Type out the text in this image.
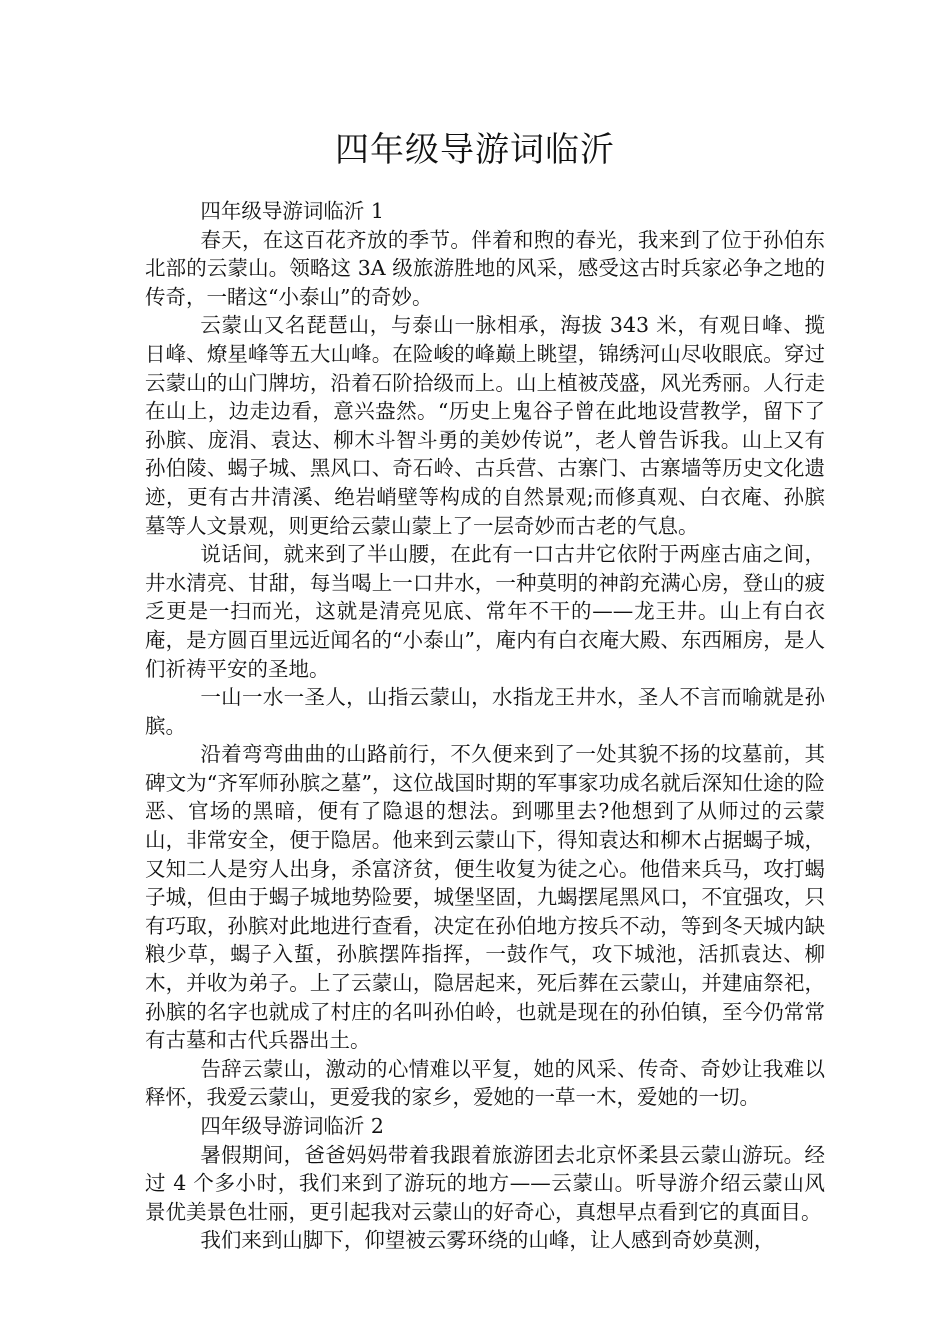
四年级导游词临沂

四年级导游词临沂 1

春天，在这百花齐放的季节。伴着和煦的春光，我来到了位于孙伯东北部的云蒙山。领略这 3A 级旅游胜地的风采，感受这古时兵家必争之地的传奇，一睹这“小泰山”的奇妙。

云蒙山又名琵琶山，与泰山一脉相承，海拔 343 米，有观日峰、揽日峰、燎星峰等五大山峰。在险峻的峰巅上眺望，锦绣河山尽收眼底。穿过云蒙山的山门牌坊，沿着石阶拾级而上。山上植被茂盛，风光秀丽。人行走在山上，边走边看，意兴盎然。“历史上鬼谷子曾在此地设营教学，留下了孙膑、庞涓、袁达、柳木斗智斗勇的美妙传说”，老人曾告诉我。山上又有孙伯陵、蝎子城、黑风口、奇石岭、古兵营、古寨门、古寨墙等历史文化遗迹，更有古井清溪、绝岩峭壁等构成的自然景观;而修真观、白衣庵、孙膑墓等人文景观，则更给云蒙山蒙上了一层奇妙而古老的气息。

说话间，就来到了半山腰，在此有一口古井它依附于两座古庙之间，井水清亮、甘甜，每当喝上一口井水，一种莫明的神韵充满心房，登山的疲乏更是一扫而光，这就是清亮见底、常年不干的——龙王井。山上有白衣庵，是方圆百里远近闻名的“小泰山”，庵内有白衣庵大殿、东西厢房，是人们祈祷平安的圣地。

一山一水一圣人，山指云蒙山，水指龙王井水，圣人不言而喻就是孙膑。

沿着弯弯曲曲的山路前行，不久便来到了一处其貌不扬的坟墓前，其碑文为“齐军师孙膑之墓”，这位战国时期的军事家功成名就后深知仕途的险恶、官场的黑暗，便有了隐退的想法。到哪里去?他想到了从师过的云蒙山，非常安全，便于隐居。他来到云蒙山下，得知袁达和柳木占据蝎子城，又知二人是穷人出身，杀富济贫，便生收复为徒之心。他借来兵马，攻打蝎子城，但由于蝎子城地势险要，城堡坚固，九蝎摆尾黑风口，不宜强攻，只有巧取，孙膑对此地进行查看，决定在孙伯地方按兵不动，等到冬天城内缺粮少草，蝎子入蜇，孙膑摆阵指挥，一鼓作气，攻下城池，活抓袁达、柳木，并收为弟子。上了云蒙山，隐居起来，死后葬在云蒙山，并建庙祭祀，孙膑的名字也就成了村庄的名叫孙伯岭，也就是现在的孙伯镇，至今仍常常有古墓和古代兵器出土。

告辞云蒙山，激动的心情难以平复，她的风采、传奇、奇妙让我难以释怀，我爱云蒙山，更爱我的家乡，爱她的一草一木，爱她的一切。

四年级导游词临沂 2

暑假期间，爸爸妈妈带着我跟着旅游团去北京怀柔县云蒙山游玩。经过 4 个多小时，我们来到了游玩的地方——云蒙山。听导游介绍云蒙山风景优美景色壮丽，更引起我对云蒙山的好奇心，真想早点看到它的真面目。

我们来到山脚下，仰望被云雾环绕的山峰，让人感到奇妙莫测，
